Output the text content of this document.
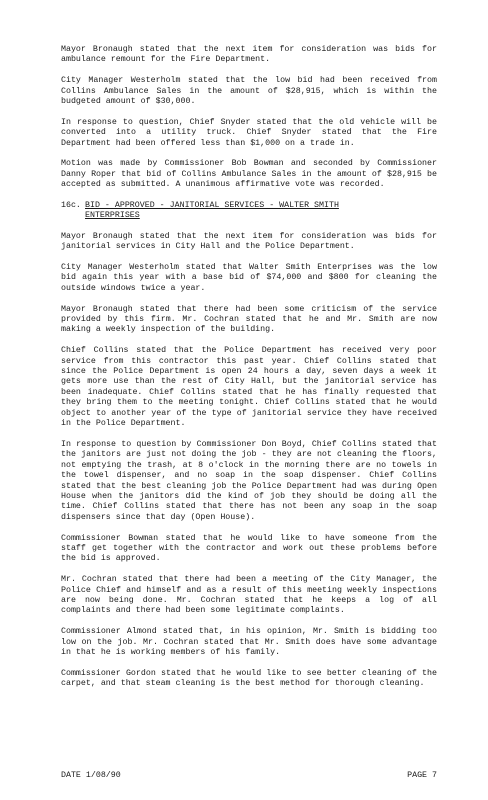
Mayor Bronaugh stated that the next item for consideration was bids for ambulance remount for the Fire Department.

City Manager Westerholm stated that the low bid had been received from Collins Ambulance Sales in the amount of $28,915, which is within the budgeted amount of $30,000.

In response to question, Chief Snyder stated that the old vehicle will be converted into a utility truck. Chief Snyder stated that the Fire Department had been offered less than $1,000 on a trade in.

Motion was made by Commissioner Bob Bowman and seconded by Commissioner Danny Roper that bid of Collins Ambulance Sales in the amount of $28,915 be accepted as submitted. A unanimous affirmative vote was recorded.

16c. BID - APPROVED - JANITORIAL SERVICES - WALTER SMITH
ENTERPRISES

Mayor Bronaugh stated that the next item for consideration was bids for janitorial services in City Hall and the Police Department.

City Manager Westerholm stated that Walter Smith Enterprises was the low bid again this year with a base bid of $74,000 and $800 for cleaning the outside windows twice a year.

Mayor Bronaugh stated that there had been some criticism of the service provided by this firm. Mr. Cochran stated that he and Mr. Smith are now making a weekly inspection of the building.

Chief Collins stated that the Police Department has received very poor service from this contractor this past year. Chief Collins stated that since the Police Department is open 24 hours a day, seven days a week it gets more use than the rest of City Hall, but the janitorial service has been inadequate. Chief Collins stated that he has finally requested that they bring them to the meeting tonight. Chief Collins stated that he would object to another year of the type of janitorial service they have received in the Police Department.

In response to question by Commissioner Don Boyd, Chief Collins stated that the janitors are just not doing the job - they are not cleaning the floors, not emptying the trash, at 8 o'clock in the morning there are no towels in the towel dispenser, and no soap in the soap dispenser. Chief Collins stated that the best cleaning job the Police Department had was during Open House when the janitors did the kind of job they should be doing all the time. Chief Collins stated that there has not been any soap in the soap dispensers since that day (Open House).

Commissioner Bowman stated that he would like to have someone from the staff get together with the contractor and work out these problems before the bid is approved.

Mr. Cochran stated that there had been a meeting of the City Manager, the Police Chief and himself and as a result of this meeting weekly inspections are now being done. Mr. Cochran stated that he keeps a log of all complaints and there had been some legitimate complaints.

Commissioner Almond stated that, in his opinion, Mr. Smith is bidding too low on the job. Mr. Cochran stated that Mr. Smith does have some advantage in that he is working members of his family.

Commissioner Gordon stated that he would like to see better cleaning of the carpet, and that steam cleaning is the best method for thorough cleaning.

DATE 1/08/90	PAGE 7
